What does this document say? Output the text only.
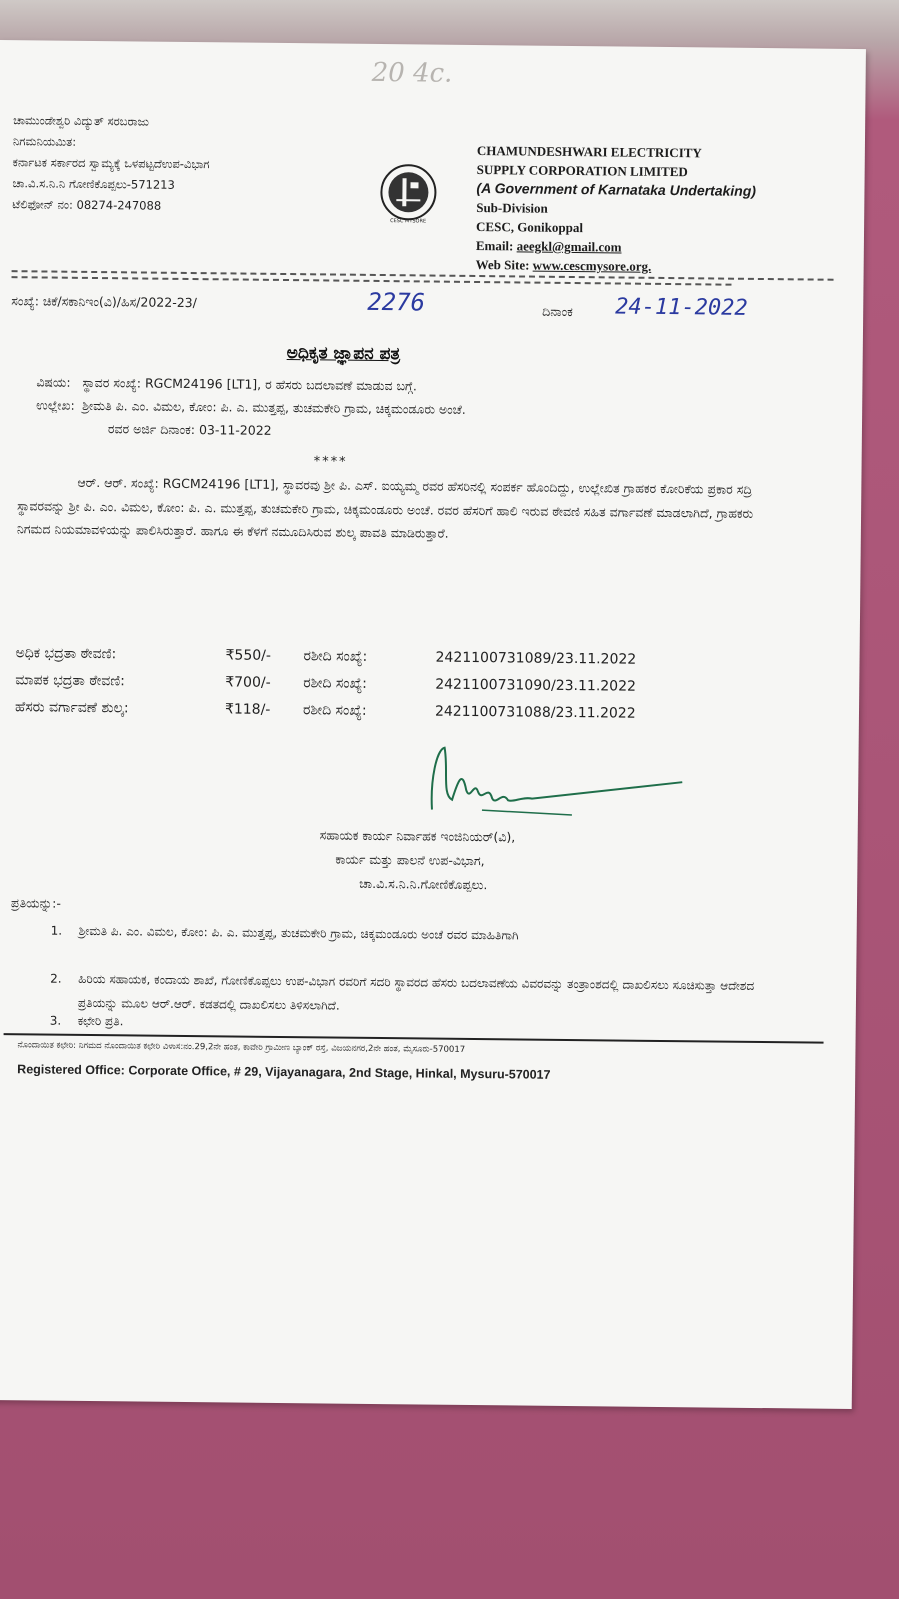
20 4c.
ಚಾಮುಂಡೇಶ್ವರಿ ವಿದ್ಯುತ್ ಸರಬರಾಜು
ನಿಗಮನಿಯಮಿತ:
ಕರ್ನಾಟಕ ಸರ್ಕಾರದ ಸ್ವಾಮ್ಯಕ್ಕೆ ಒಳಪಟ್ಟದೆಉಪ-ವಿಭಾಗ
ಚಾ.ವಿ.ಸ.ನಿ.ನಿ ಗೋಣಿಕೊಪ್ಪಲು-571213
ಟೆಲಿಫೋನ್ ನಂ: 08274-247088
CESC MYSORE
CHAMUNDESHWARI ELECTRICITY
SUPPLY CORPORATION LIMITED
(A Government of Karnataka Undertaking)
Sub-Division
CESC, Gonikoppal
Email: aeegkl@gmail.com
Web Site: www.cescmysore.org.
ಸಂಖ್ಯೆ: ಚಿಕೆ/ಸಕಾನಿಇಂ(ವಿ)/ಹಿಸ/2022-23/	2276	ದಿನಾಂಕ 24-11-2022
ಅಧಿಕೃತ ಜ್ಞಾಪನ ಪತ್ರ
ವಿಷಯ: ಸ್ಥಾವರ ಸಂಖ್ಯೆ: RGCM24196 [LT1], ರ ಹೆಸರು ಬದಲಾವಣೆ ಮಾಡುವ ಬಗ್ಗೆ.
ಉಲ್ಲೇಖ: ಶ್ರೀಮತಿ ಪಿ. ಎಂ. ವಿಮಲ, ಕೋಂ: ಪಿ. ಎ. ಮುತ್ತಪ್ಪ, ತುಚಮಕೇರಿ ಗ್ರಾಮ, ಚಿಕ್ಕಮಂಡೂರು ಅಂಚೆ.
ರವರ ಅರ್ಜಿ ದಿನಾಂಕ: 03-11-2022
****
ಆರ್. ಆರ್. ಸಂಖ್ಯೆ: RGCM24196 [LT1], ಸ್ಥಾವರವು ಶ್ರೀ ಪಿ. ಎಸ್. ಐಯ್ಯಮ್ಮ ರವರ ಹೆಸರಿನಲ್ಲಿ ಸಂಪರ್ಕ ಹೊಂದಿದ್ದು, ಉಲ್ಲೇಖಿತ ಗ್ರಾಹಕರ ಕೋರಿಕೆಯ ಪ್ರಕಾರ ಸದ್ರಿ ಸ್ಥಾವರವನ್ನು ಶ್ರೀ ಪಿ. ಎಂ. ವಿಮಲ, ಕೋಂ: ಪಿ. ಎ. ಮುತ್ತಪ್ಪ, ತುಚಮಕೇರಿ ಗ್ರಾಮ, ಚಿಕ್ಕಮಂಡೂರು ಅಂಚೆ. ರವರ ಹೆಸರಿಗೆ ಹಾಲಿ ಇರುವ ಠೇವಣಿ ಸಹಿತ ವರ್ಗಾವಣೆ ಮಾಡಲಾಗಿದೆ, ಗ್ರಾಹಕರು ನಿಗಮದ ನಿಯಮಾವಳಿಯನ್ನು ಪಾಲಿಸಿರುತ್ತಾರೆ. ಹಾಗೂ ಈ ಕೆಳಗೆ ನಮೂದಿಸಿರುವ ಶುಲ್ಕ ಪಾವತಿ ಮಾಡಿರುತ್ತಾರೆ.
ಅಧಿಕ ಭದ್ರತಾ ಠೇವಣಿ:	₹550/- ರಶೀದಿ ಸಂಖ್ಯೆ:	242110073108​9/23.11.2022
ಮಾಪಕ ಭದ್ರತಾ ಠೇವಣಿ:	₹700/- ರಶೀದಿ ಸಂಖ್ಯೆ:	2421100731090/23.11.2022
ಹೆಸರು ವರ್ಗಾವಣೆ ಶುಲ್ಕ:	₹118/- ರಶೀದಿ ಸಂಖ್ಯೆ:	2421100731088/23.11.2022
ಸಹಾಯಕ ಕಾರ್ಯ ನಿರ್ವಾಹಕ ಇಂಜಿನಿಯರ್(ವಿ),
ಕಾರ್ಯ ಮತ್ತು ಪಾಲನೆ ಉಪ-ವಿಭಾಗ,
ಚಾ.ವಿ.ಸ.ನಿ.ನಿ.ಗೋಣಿಕೊಪ್ಪಲು.
ಪ್ರತಿಯನ್ನು:-
1.	ಶ್ರೀಮತಿ ಪಿ. ಎಂ. ವಿಮಲ, ಕೋಂ: ಪಿ. ಎ. ಮುತ್ತಪ್ಪ, ತುಚಮಕೇರಿ ಗ್ರಾಮ, ಚಿಕ್ಕಮಂಡೂರು ಅಂಚೆ ರವರ ಮಾಹಿತಿಗಾಗಿ
2.	ಹಿರಿಯ ಸಹಾಯಕ, ಕಂದಾಯ ಶಾಖೆ, ಗೋಣಿಕೊಪ್ಪಲು ಉಪ-ವಿಭಾಗ ರವರಿಗೆ ಸದರಿ ಸ್ಥಾವರದ ಹೆಸರು ಬದಲಾವಣೆಯ ವಿವರವನ್ನು ತಂತ್ರಾಂಶದಲ್ಲಿ ದಾಖಲಿಸಲು ಸೂಚಿಸುತ್ತಾ ಆದೇಶದ ಪ್ರತಿಯನ್ನು ಮೂಲ ಆರ್.ಆರ್. ಕಡತದಲ್ಲಿ ದಾಖಲಿಸಲು ತಿಳಿಸಲಾಗಿದೆ.
3.	ಕಛೇರಿ ಪ್ರತಿ.
ನೊಂದಾಯಿತ ಕಛೇರಿ: ನಿಗಮದ ನೊಂದಾಯಿತ ಕಛೇರಿ ವಿಳಾಸ:ನಂ.29,2ನೇ ಹಂತ, ಕಾವೇರಿ ಗ್ರಾಮೀಣ ಬ್ಯಾಂಕ್ ರಸ್ತೆ, ವಿಜಯನಗರ,2ನೇ ಹಂತ, ಮೈಸೂರು-570017
Registered Office: Corporate Office, # 29, Vijayanagara, 2nd Stage, Hinkal, Mysuru-570017
